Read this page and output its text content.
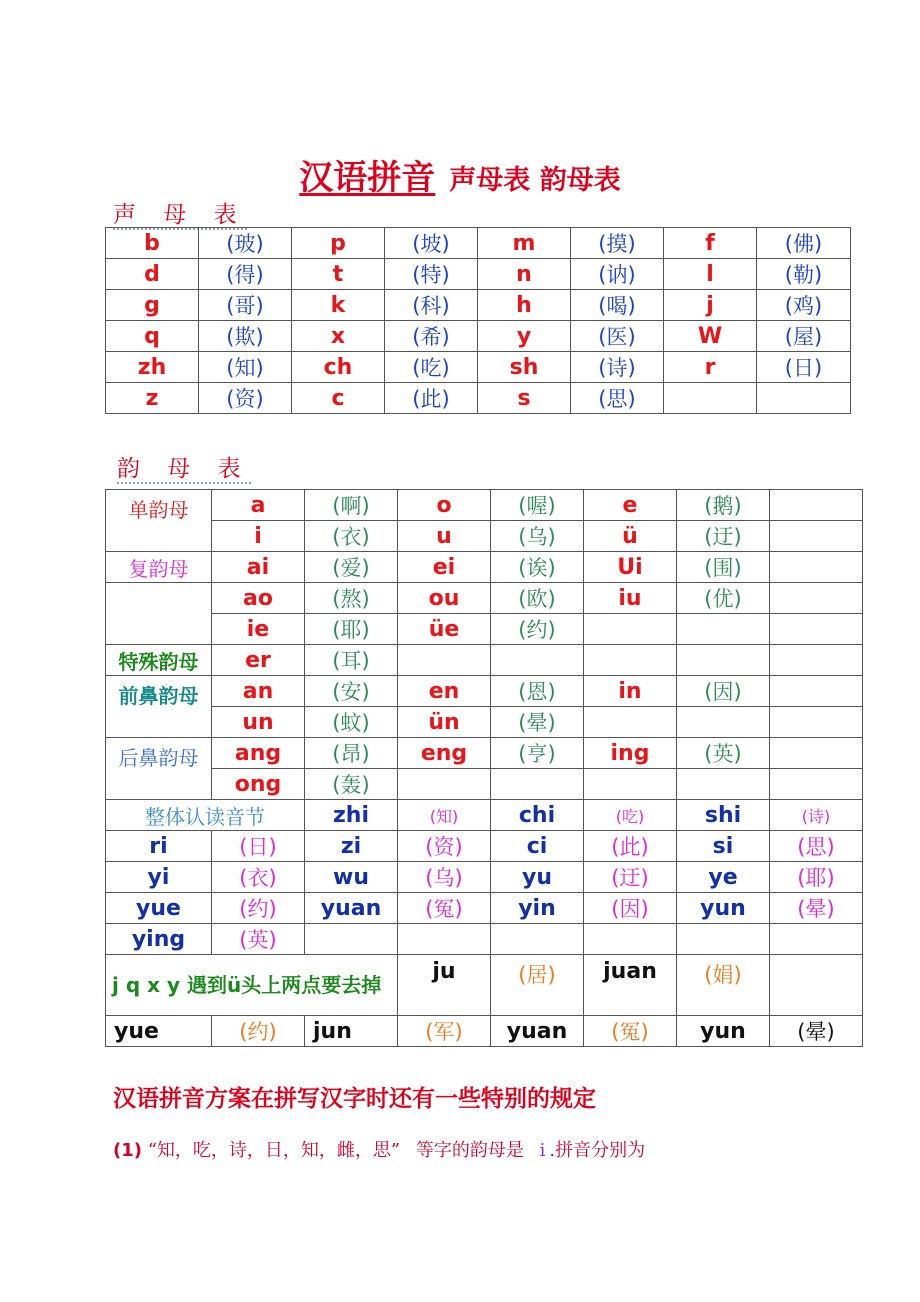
汉语拼音 声母表 韵母表
声 母 表
b	(玻)	p	(坡)	m	(摸)	f	(佛)
d	(得)	t	(特)	n	(讷)	l	(勒)
g	(哥)	k	(科)	h	(喝)	j	(鸡)
q	(欺)	x	(希)	y	(医)	W	(屋)
zh	(知)	ch	(吃)	sh	(诗)	r	(日)
z	(资)	c	(此)	s	(思)		
韵 母 表
单韵母	a	(啊)	o	(喔)	e	(鹅)	
	i	(衣)	u	(乌)	ü	(迂)	
复韵母	ai	(爱)	ei	(诶)	Ui	(围)	
	ao	(熬)	ou	(欧)	iu	(优)	
	ie	(耶)	üe	(约)			
特殊韵母	er	(耳)					
前鼻韵母	an	(安)	en	(恩)	in	(因)	
	un	(蚊)	ün	(晕)			
后鼻韵母	ang	(昂)	eng	(亨)	ing	(英)	
	ong	(轰)					
整体认读音节		zhi	(知)	chi	(吃)	shi	(诗)
ri	(日)	zi	(资)	ci	(此)	si	(思)
yi	(衣)	wu	(乌)	yu	(迂)	ye	(耶)
yue	(约)	yuan	(冤)	yin	(因)	yun	(晕)
ying	(英)						
j q x y 遇到ü头上两点要去掉			ju	(居)	juan	(娟)	
yue	(约)	jun	(军)	yuan	(冤)	yun	(晕)
汉语拼音方案在拼写汉字时还有一些特别的规定
(1) “知，吃，诗，日，知，雌，思” 等字的韵母是 i .拼音分别为
